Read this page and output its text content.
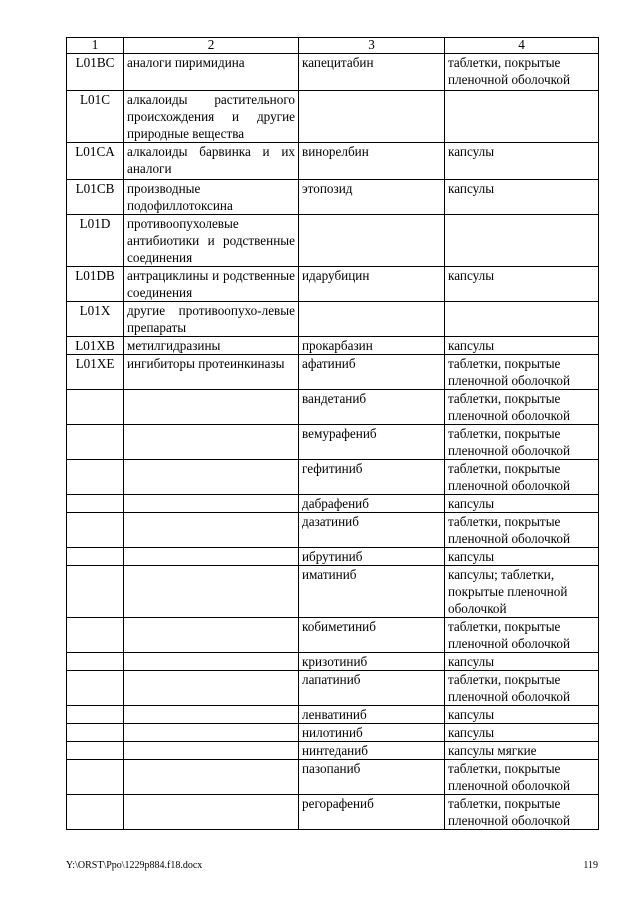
1	2	3	4
L01BC	аналоги пиримидина	капецитабин	таблетки, покрытые пленочной оболочкой
L01C	алкалоиды растительного происхождения и другие природные вещества		
L01CA	алкалоиды барвинка и их аналоги	винорелбин	капсулы
L01CB	производные подофиллотоксина	этопозид	капсулы
L01D	противоопухолевые антибиотики и родственные соединения		
L01DB	антрациклины и родственные соединения	идарубицин	капсулы
L01X	другие противоопухо-левые препараты		
L01XB	метилгидразины	прокарбазин	капсулы
L01XE	ингибиторы протеинкиназы	афатиниб	таблетки, покрытые пленочной оболочкой
		вандетаниб	таблетки, покрытые пленочной оболочкой
		вемурафениб	таблетки, покрытые пленочной оболочкой
		гефитиниб	таблетки, покрытые пленочной оболочкой
		дабрафениб	капсулы
		дазатиниб	таблетки, покрытые пленочной оболочкой
		ибрутиниб	капсулы
		иматиниб	капсулы; таблетки, покрытые пленочной оболочкой
		кобиметиниб	таблетки, покрытые пленочной оболочкой
		кризотиниб	капсулы
		лапатиниб	таблетки, покрытые пленочной оболочкой
		ленватиниб	капсулы
		нилотиниб	капсулы
		нинтеданиб	капсулы мягкие
		пазопаниб	таблетки, покрытые пленочной оболочкой
		регорафениб	таблетки, покрытые пленочной оболочкой
Y:\ORST\Ppo\1229p884.f18.docx	119
